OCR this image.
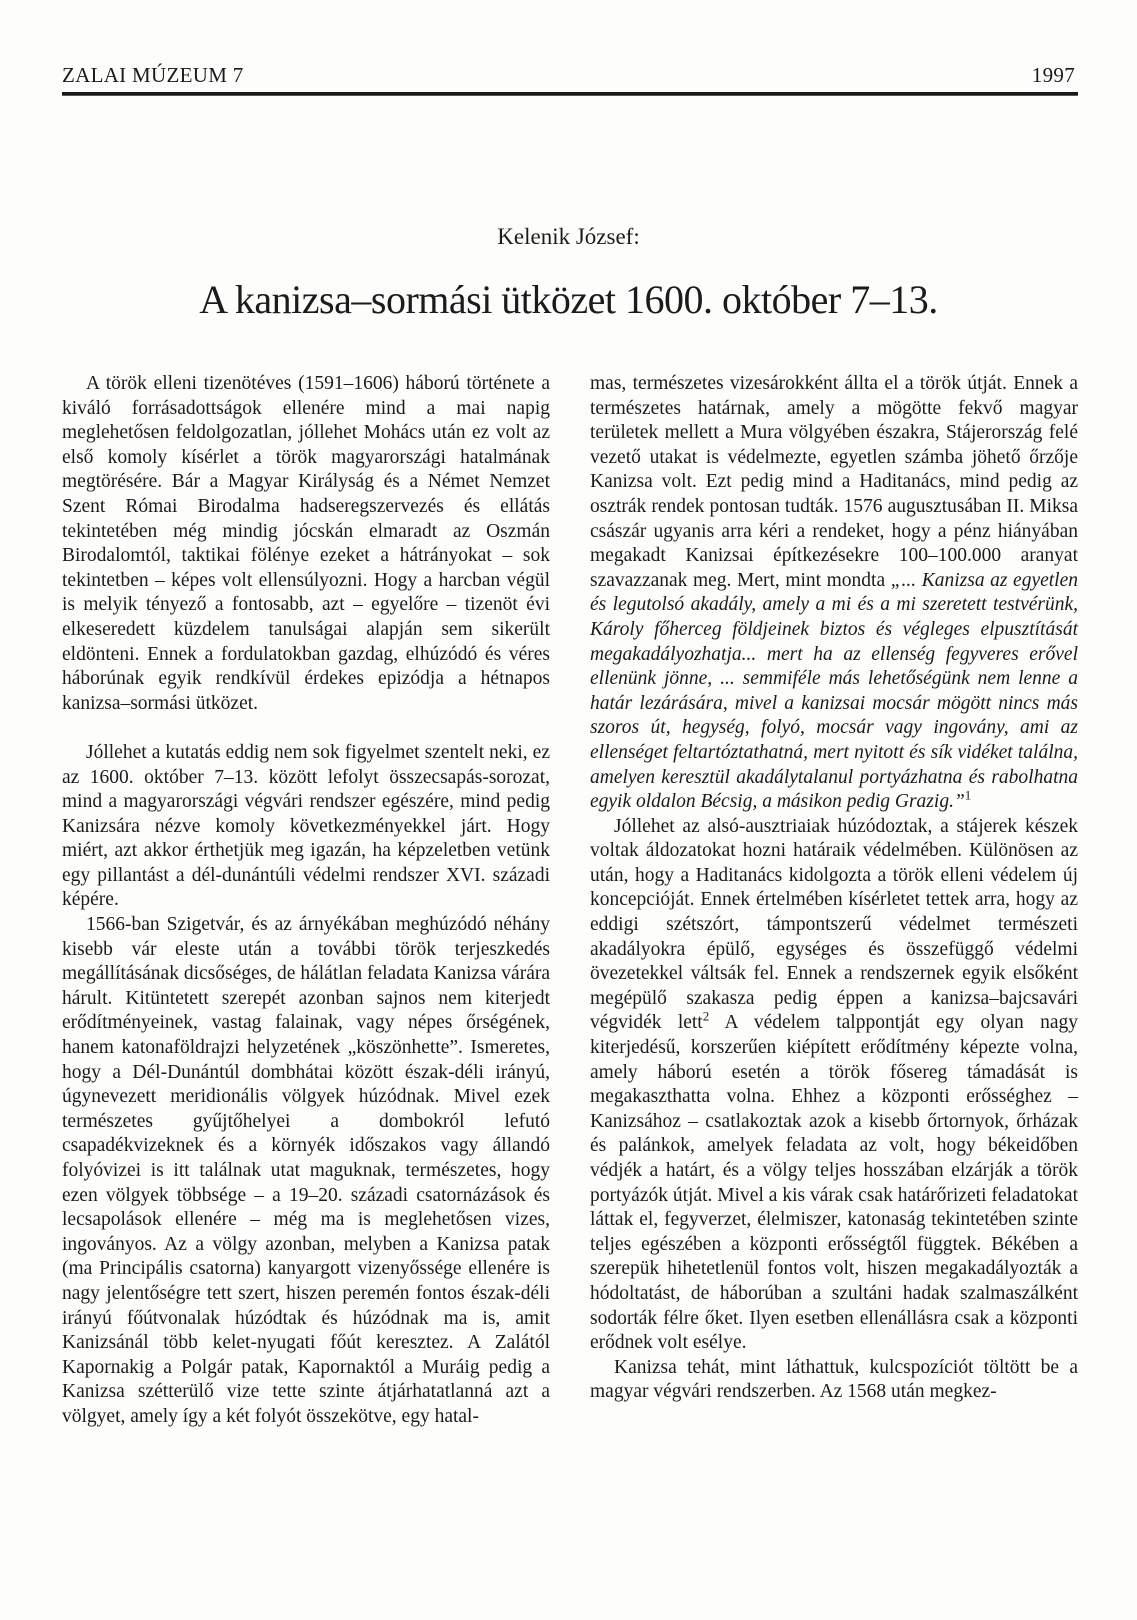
ZALAI MÚZEUM 7	1997
Kelenik József:
A kanizsa–sormási ütközet 1600. október 7–13.

A török elleni tizenötéves (1591–1606) háború története a kiváló forrásadottságok ellenére mind a mai napig meglehetősen feldolgozatlan, jóllehet Mohács után ez volt az első komoly kísérlet a török magyarországi hatalmának megtörésére. Bár a Magyar Királyság és a Német Nemzet Szent Római Birodalma hadseregszervezés és ellátás tekintetében még mindig jócskán elmaradt az Oszmán Birodalomtól, taktikai fölénye ezeket a hátrányokat – sok tekintetben – képes volt ellensúlyozni. Hogy a harcban végül is melyik tényező a fontosabb, azt – egyelőre – tizenöt évi elkeseredett küzdelem tanulságai alapján sem sikerült eldönteni. Ennek a fordulatokban gazdag, elhúzódó és véres háborúnak egyik rendkívül érdekes epizódja a hétnapos kanizsa–sormási ütközet.

Jóllehet a kutatás eddig nem sok figyelmet szentelt neki, ez az 1600. október 7–13. között lefolyt összecsapás-sorozat, mind a magyarországi végvári rendszer egészére, mind pedig Kanizsára nézve komoly következményekkel járt. Hogy miért, azt akkor érthetjük meg igazán, ha képzeletben vetünk egy pillantást a dél-dunántúli védelmi rendszer XVI. századi képére.

1566-ban Szigetvár, és az árnyékában meghúzódó néhány kisebb vár eleste után a további török terjeszkedés megállításának dicsőséges, de hálátlan feladata Kanizsa várára hárult. Kitüntetett szerepét azonban sajnos nem kiterjedt erődítményeinek, vastag falainak, vagy népes őrségének, hanem katonaföldrajzi helyzetének „köszönhette”. Ismeretes, hogy a Dél-Dunántúl dombhátai között észak-déli irányú, úgynevezett meridionális völgyek húzódnak. Mivel ezek természetes gyűjtőhelyei a dombokról lefutó csapadékvizeknek és a környék időszakos vagy állandó folyóvizei is itt találnak utat maguknak, természetes, hogy ezen völgyek többsége – a 19–20. századi csatornázások és lecsapolások ellenére – még ma is meglehetősen vizes, ingoványos. Az a völgy azonban, melyben a Kanizsa patak (ma Principális csatorna) kanyargott vizenyőssége ellenére is nagy jelentőségre tett szert, hiszen peremén fontos észak-déli irányú főútvonalak húzódtak és húzódnak ma is, amit Kanizsánál több kelet-nyugati főút keresztez. A Zalától Kapornakig a Polgár patak, Kapornaktól a Muráig pedig a Kanizsa szétterülő vize tette szinte átjárhatatlanná azt a völgyet, amely így a két folyót összekötve, egy hatal-

mas, természetes vizesárokként állta el a török útját. Ennek a természetes határnak, amely a mögötte fekvő magyar területek mellett a Mura völgyében északra, Stájerország felé vezető utakat is védelmezte, egyetlen számba jöhető őrzője Kanizsa volt. Ezt pedig mind a Haditanács, mind pedig az osztrák rendek pontosan tudták. 1576 augusztusában II. Miksa császár ugyanis arra kéri a rendeket, hogy a pénz hiányában megakadt Kanizsai építkezésekre 100–100.000 aranyat szavazzanak meg. Mert, mint mondta „... Kanizsa az egyetlen és legutolsó akadály, amely a mi és a mi szeretett testvérünk, Károly főherceg földjeinek biztos és végleges elpusztítását megakadályozhatja... mert ha az ellenség fegyveres erővel ellenünk jönne, ... semmiféle más lehetőségünk nem lenne a határ lezárására, mivel a kanizsai mocsár mögött nincs más szoros út, hegység, folyó, mocsár vagy ingovány, ami az ellenséget feltartóztathatná, mert nyitott és sík vidéket találna, amelyen keresztül akadálytalanul portyázhatna és rabolhatna egyik oldalon Bécsig, a másikon pedig Grazig.”$^1$

Jóllehet az alsó-ausztriaiak húzódoztak, a stájerek készek voltak áldozatokat hozni határaik védelmében. Különösen az után, hogy a Haditanács kidolgozta a török elleni védelem új koncepcióját. Ennek értelmében kísérletet tettek arra, hogy az eddigi szétszórt, támpontszerű védelmet természeti akadályokra épülő, egységes és összefüggő védelmi övezetekkel váltsák fel. Ennek a rendszernek egyik elsőként megépülő szakasza pedig éppen a kanizsa–bajcsavári végvidék lett$^2$ A védelem talppontját egy olyan nagy kiterjedésű, korszerűen kiépített erődítmény képezte volna, amely háború esetén a török fősereg támadását is megakaszthatta volna. Ehhez a központi erősséghez – Kanizsához – csatlakoztak azok a kisebb őrtornyok, őrházak és palánkok, amelyek feladata az volt, hogy békeidőben védjék a határt, és a völgy teljes hosszában elzárják a török portyázók útját. Mivel a kis várak csak határőrizeti feladatokat láttak el, fegyverzet, élelmiszer, katonaság tekintetében szinte teljes egészében a központi erősségtől függtek. Békében a szerepük hihetetlenül fontos volt, hiszen megakadályozták a hódoltatást, de háborúban a szultáni hadak szalmaszálként sodorták félre őket. Ilyen esetben ellenállásra csak a központi erődnek volt esélye.

Kanizsa tehát, mint láthattuk, kulcspozíciót töltött be a magyar végvári rendszerben. Az 1568 után megkez-
